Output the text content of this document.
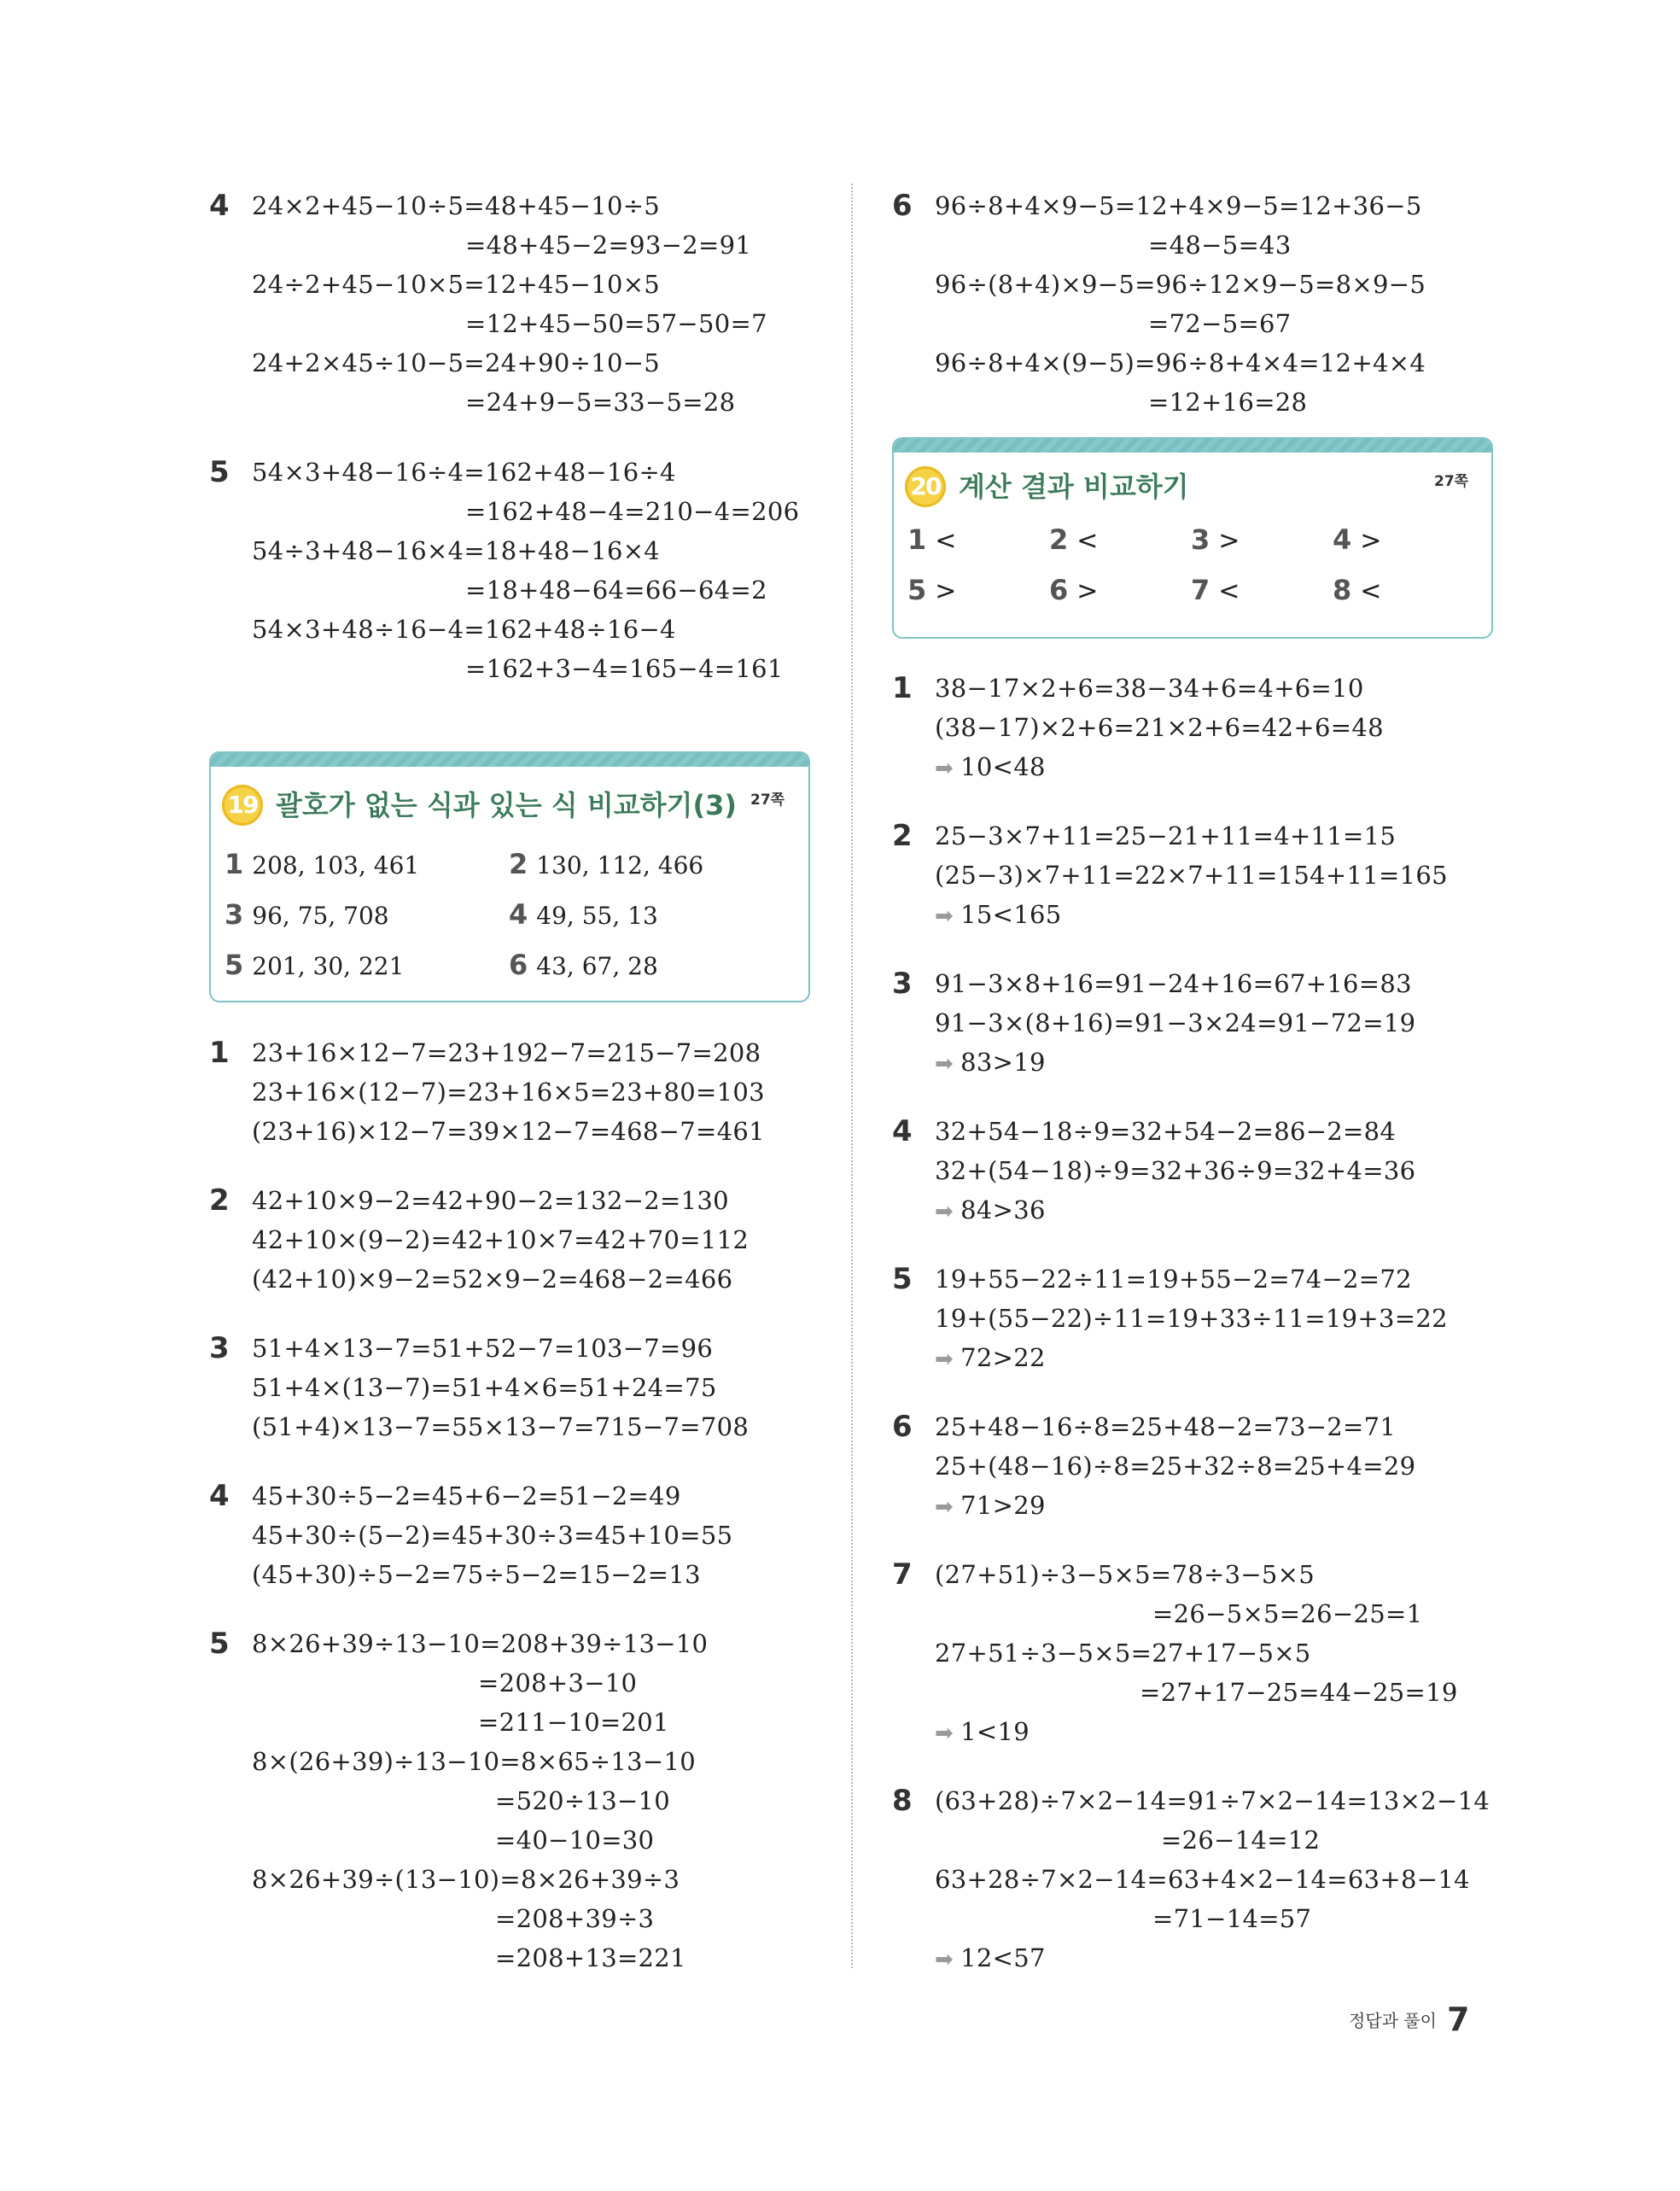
4 24×2+45−10÷5=48+45−10÷5
=48+45−2=93−2=91
24÷2+45−10×5=12+45−10×5
=12+45−50=57−50=7
24+2×45÷10−5=24+90÷10−5
=24+9−5=33−5=28
5 54×3+48−16÷4=162+48−16÷4
=162+48−4=210−4=206
54÷3+48−16×4=18+48−16×4
=18+48−64=66−64=2
54×3+48÷16−4=162+48÷16−4
=162+3−4=165−4=161
19 괄호가 없는 식과 있는 식 비교하기(3) 27쪽
1 208, 103, 461	2 130, 112, 466
3 96, 75, 708	4 49, 55, 13
5 201, 30, 221	6 43, 67, 28
1 23+16×12−7=23+192−7=215−7=208
23+16×(12−7)=23+16×5=23+80=103
(23+16)×12−7=39×12−7=468−7=461
2 42+10×9−2=42+90−2=132−2=130
42+10×(9−2)=42+10×7=42+70=112
(42+10)×9−2=52×9−2=468−2=466
3 51+4×13−7=51+52−7=103−7=96
51+4×(13−7)=51+4×6=51+24=75
(51+4)×13−7=55×13−7=715−7=708
4 45+30÷5−2=45+6−2=51−2=49
45+30÷(5−2)=45+30÷3=45+10=55
(45+30)÷5−2=75÷5−2=15−2=13
5 8×26+39÷13−10=208+39÷13−10
=208+3−10
=211−10=201
8×(26+39)÷13−10=8×65÷13−10
=520÷13−10
=40−10=30
8×26+39÷(13−10)=8×26+39÷3
=208+39÷3
=208+13=221
6 96÷8+4×9−5=12+4×9−5=12+36−5
=48−5=43
96÷(8+4)×9−5=96÷12×9−5=8×9−5
=72−5=67
96÷8+4×(9−5)=96÷8+4×4=12+4×4
=12+16=28
20 계산 결과 비교하기	27쪽
1 <	2 <	3 >	4 >
5 >	6 >	7 <	8 <
1 38−17×2+6=38−34+6=4+6=10
(38−17)×2+6=21×2+6=42+6=48
➡ 10<48
2 25−3×7+11=25−21+11=4+11=15
(25−3)×7+11=22×7+11=154+11=165
➡ 15<165
3 91−3×8+16=91−24+16=67+16=83
91−3×(8+16)=91−3×24=91−72=19
➡ 83>19
4 32+54−18÷9=32+54−2=86−2=84
32+(54−18)÷9=32+36÷9=32+4=36
➡ 84>36
5 19+55−22÷11=19+55−2=74−2=72
19+(55−22)÷11=19+33÷11=19+3=22
➡ 72>22
6 25+48−16÷8=25+48−2=73−2=71
25+(48−16)÷8=25+32÷8=25+4=29
➡ 71>29
7 (27+51)÷3−5×5=78÷3−5×5
=26−5×5=26−25=1
27+51÷3−5×5=27+17−5×5
=27+17−25=44−25=19
➡ 1<19
8 (63+28)÷7×2−14=91÷7×2−14=13×2−14
=26−14=12
63+28÷7×2−14=63+4×2−14=63+8−14
=71−14=57
➡ 12<57
정답과 풀이 7
